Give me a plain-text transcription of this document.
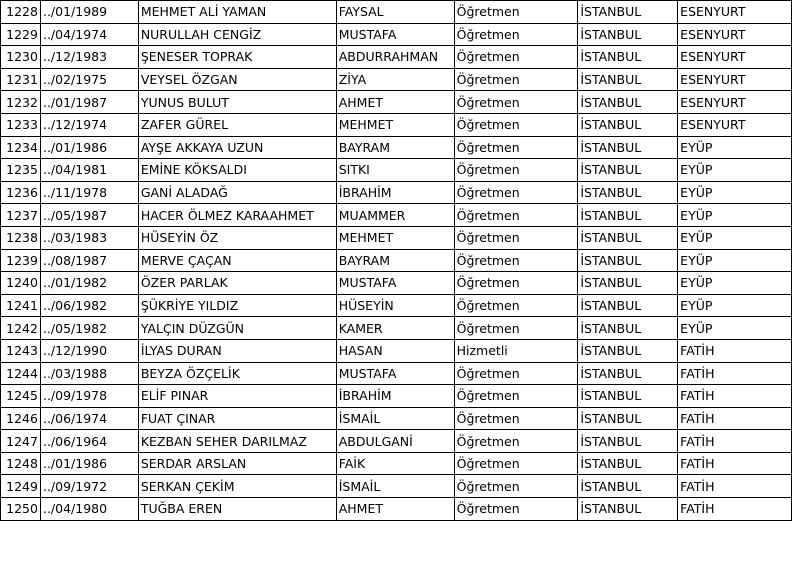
1228	../01/1989	MEHMET ALİ YAMAN	FAYSAL	Öğretmen	İSTANBUL	ESENYURT
1229	../04/1974	NURULLAH CENGİZ	MUSTAFA	Öğretmen	İSTANBUL	ESENYURT
1230	../12/1983	ŞENESER TOPRAK	ABDURRAHMAN	Öğretmen	İSTANBUL	ESENYURT
1231	../02/1975	VEYSEL ÖZGAN	ZİYA	Öğretmen	İSTANBUL	ESENYURT
1232	../01/1987	YUNUS BULUT	AHMET	Öğretmen	İSTANBUL	ESENYURT
1233	../12/1974	ZAFER GÜREL	MEHMET	Öğretmen	İSTANBUL	ESENYURT
1234	../01/1986	AYŞE AKKAYA UZUN	BAYRAM	Öğretmen	İSTANBUL	EYÜP
1235	../04/1981	EMİNE KÖKSALDI	SITKI	Öğretmen	İSTANBUL	EYÜP
1236	../11/1978	GANİ ALADAĞ	İBRAHİM	Öğretmen	İSTANBUL	EYÜP
1237	../05/1987	HACER ÖLMEZ KARAAHMET	MUAMMER	Öğretmen	İSTANBUL	EYÜP
1238	../03/1983	HÜSEYİN ÖZ	MEHMET	Öğretmen	İSTANBUL	EYÜP
1239	../08/1987	MERVE ÇAÇAN	BAYRAM	Öğretmen	İSTANBUL	EYÜP
1240	../01/1982	ÖZER PARLAK	MUSTAFA	Öğretmen	İSTANBUL	EYÜP
1241	../06/1982	ŞÜKRİYE YILDIZ	HÜSEYİN	Öğretmen	İSTANBUL	EYÜP
1242	../05/1982	YALÇIN DÜZGÜN	KAMER	Öğretmen	İSTANBUL	EYÜP
1243	../12/1990	İLYAS DURAN	HASAN	Hizmetli	İSTANBUL	FATİH
1244	../03/1988	BEYZA ÖZÇELİK	MUSTAFA	Öğretmen	İSTANBUL	FATİH
1245	../09/1978	ELİF PINAR	İBRAHİM	Öğretmen	İSTANBUL	FATİH
1246	../06/1974	FUAT ÇINAR	İSMAİL	Öğretmen	İSTANBUL	FATİH
1247	../06/1964	KEZBAN SEHER DARILMAZ	ABDULGANİ	Öğretmen	İSTANBUL	FATİH
1248	../01/1986	SERDAR ARSLAN	FAİK	Öğretmen	İSTANBUL	FATİH
1249	../09/1972	SERKAN ÇEKİM	İSMAİL	Öğretmen	İSTANBUL	FATİH
1250	../04/1980	TUĞBA EREN	AHMET	Öğretmen	İSTANBUL	FATİH
